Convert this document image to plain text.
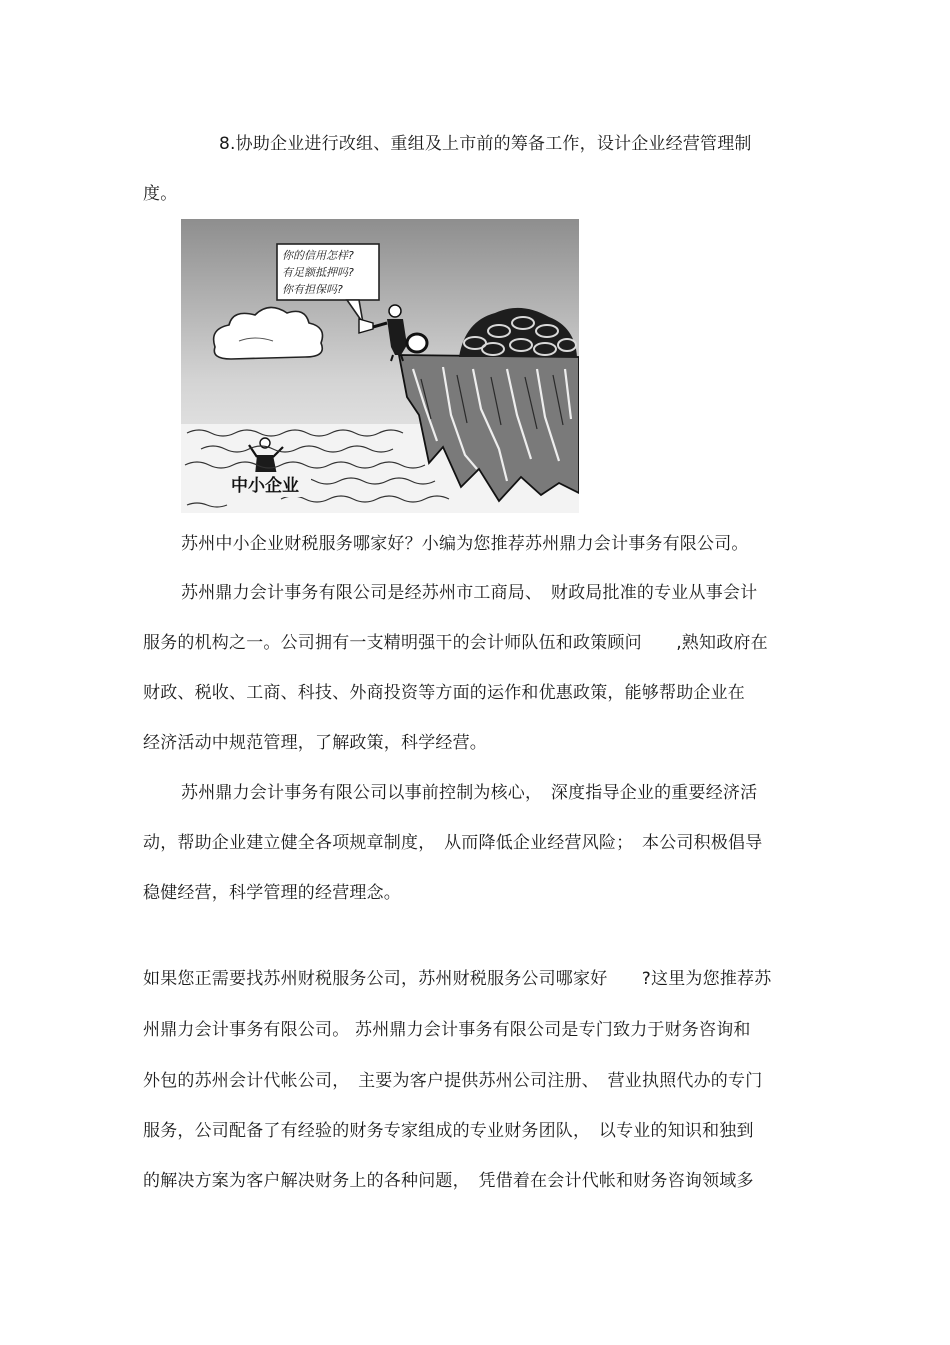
8.协助企业进行改组、重组及上市前的筹备工作，设计企业经营管理制
度。
你的信用怎样?
有足额抵押吗?
你有担保吗?
中小企业
苏州中小企业财税服务哪家好？小编为您推荐苏州鼎力会计事务有限公司。
苏州鼎力会计事务有限公司是经苏州市工商局、　财政局批准的专业从事会计
服务的机构之一。公司拥有一支精明强干的会计师队伍和政策顾问　　,熟知政府在
财政、税收、工商、科技、外商投资等方面的运作和优惠政策，能够帮助企业在
经济活动中规范管理，了解政策，科学经营。
苏州鼎力会计事务有限公司以事前控制为核心，　深度指导企业的重要经济活
动，帮助企业建立健全各项规章制度，　从而降低企业经营风险；　本公司积极倡导
稳健经营，科学管理的经营理念。
如果您正需要找苏州财税服务公司，苏州财税服务公司哪家好　　?这里为您推荐苏
州鼎力会计事务有限公司。 苏州鼎力会计事务有限公司是专门致力于财务咨询和
外包的苏州会计代帐公司，　主要为客户提供苏州公司注册、　营业执照代办的专门
服务，公司配备了有经验的财务专家组成的专业财务团队，　以专业的知识和独到
的解决方案为客户解决财务上的各种问题，　凭借着在会计代帐和财务咨询领域多
